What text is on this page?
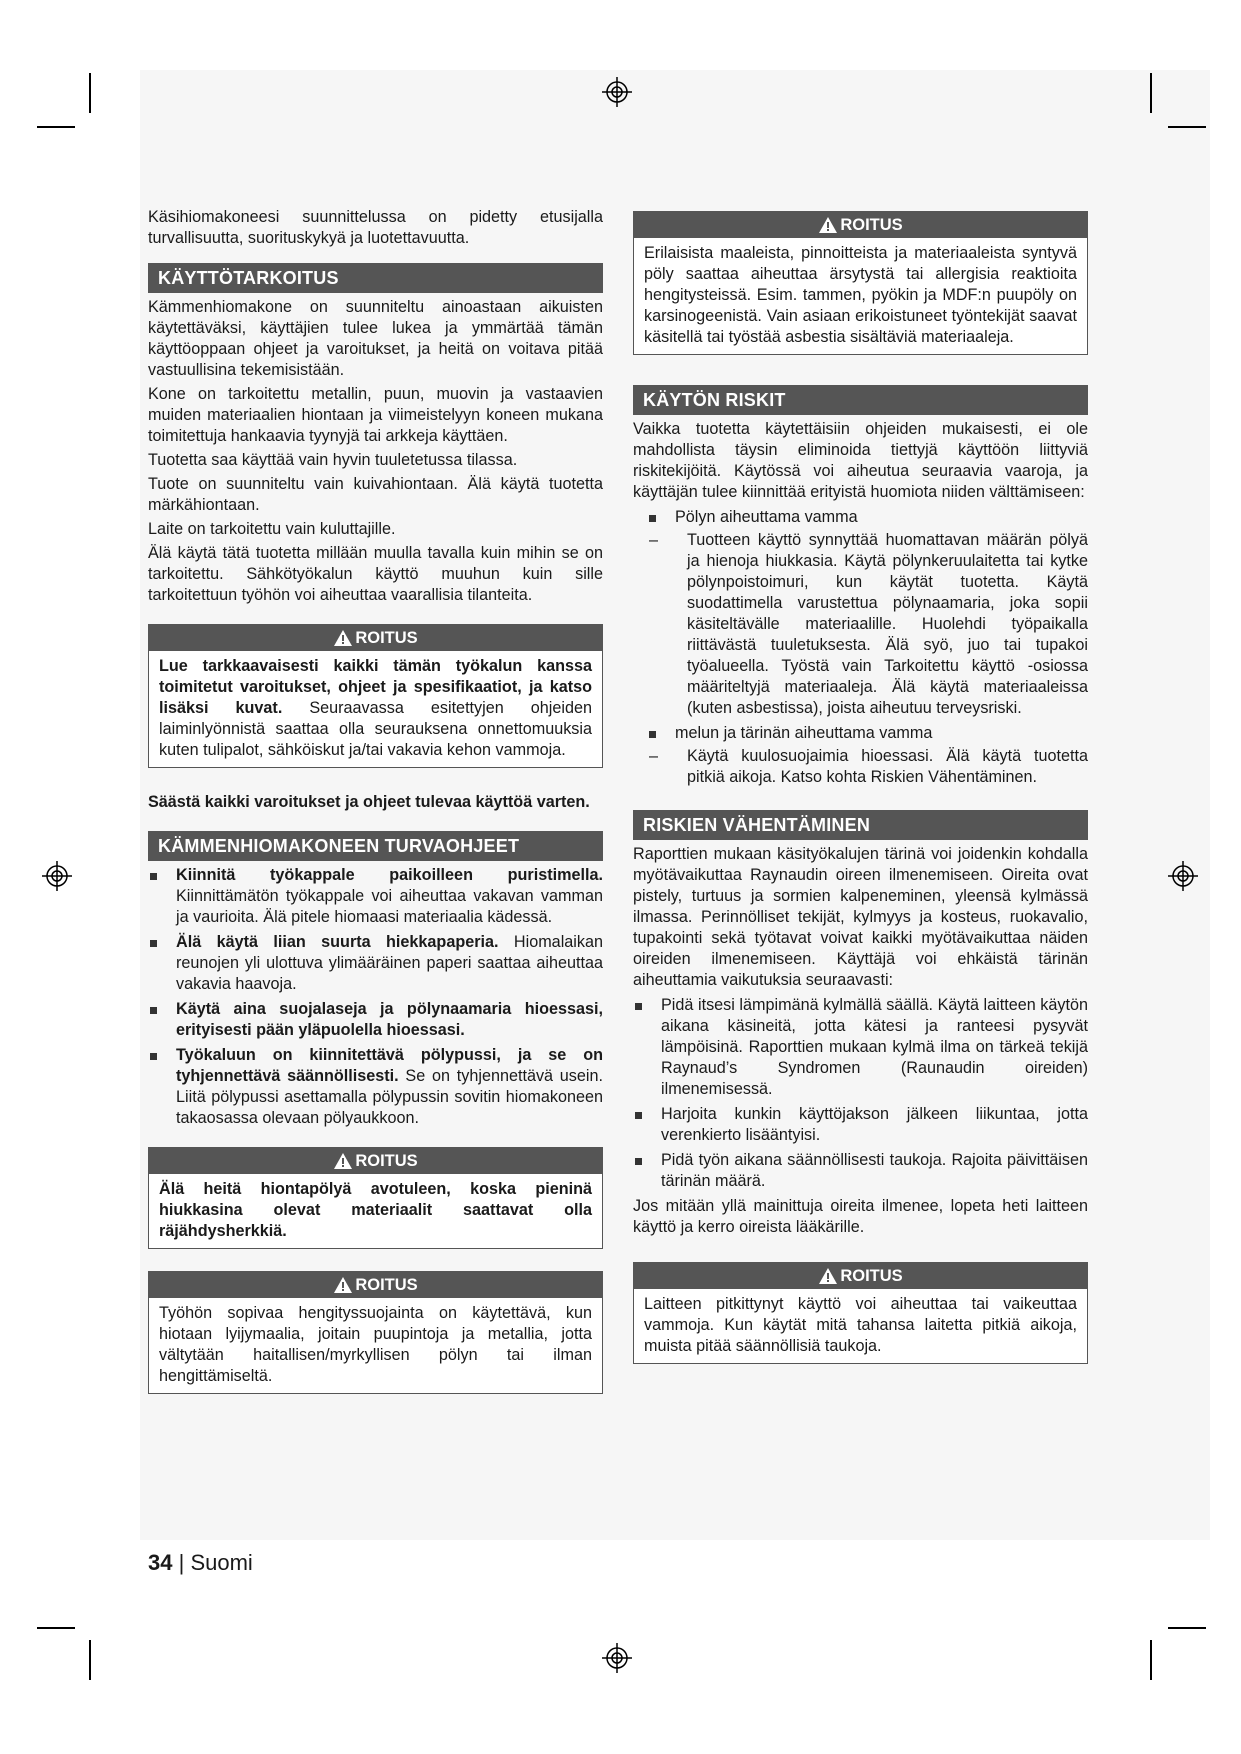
Käsihiomakoneesi suunnittelussa on pidetty etusijalla turvallisuutta, suorituskykyä ja luotettavuutta.

KÄYTTÖTARKOITUS

Kämmenhiomakone on suunniteltu ainoastaan aikuisten käytettäväksi, käyttäjien tulee lukea ja ymmärtää tämän käyttöoppaan ohjeet ja varoitukset, ja heitä on voitava pitää vastuullisina tekemisistään.

Kone on tarkoitettu metallin, puun, muovin ja vastaavien muiden materiaalien hiontaan ja viimeistelyyn koneen mukana toimitettuja hankaavia tyynyjä tai arkkeja käyttäen.

Tuotetta saa käyttää vain hyvin tuuletetussa tilassa.

Tuote on suunniteltu vain kuivahiontaan. Älä käytä tuotetta märkähiontaan.

Laite on tarkoitettu vain kuluttajille.

Älä käytä tätä tuotetta millään muulla tavalla kuin mihin se on tarkoitettu. Sähkötyökalun käyttö muuhun kuin sille tarkoitettuun työhön voi aiheuttaa vaarallisia tilanteita.

ROITUS

Lue tarkkaavaisesti kaikki tämän työkalun kanssa toimitetut varoitukset, ohjeet ja spesifikaatiot, ja katso lisäksi kuvat. Seuraavassa esitettyjen ohjeiden laiminlyönnistä saattaa olla seurauksena onnettomuuksia kuten tulipalot, sähköiskut ja/tai vakavia kehon vammoja.

Säästä kaikki varoitukset ja ohjeet tulevaa käyttöä varten.

KÄMMENHIOMAKONEEN TURVAOHJEET
Kiinnitä työkappale paikoilleen puristimella. Kiinnittämätön työkappale voi aiheuttaa vakavan vamman ja vaurioita. Älä pitele hiomaasi materiaalia kädessä.
Älä käytä liian suurta hiekkapaperia. Hiomalaikan reunojen yli ulottuva ylimääräinen paperi saattaa aiheuttaa vakavia haavoja.
Käytä aina suojalaseja ja pölynaamaria hioessasi, erityisesti pään yläpuolella hioessasi.
Työkaluun on kiinnitettävä pölypussi, ja se on tyhjennettävä säännöllisesti. Se on tyhjennettävä usein. Liitä pölypussi asettamalla pölypussin sovitin hiomakoneen takaosassa olevaan pölyaukkoon.
ROITUS

Älä heitä hiontapölyä avotuleen, koska pieninä hiukkasina olevat materiaalit saattavat olla räjähdysherkkiä.

ROITUS

Työhön sopivaa hengityssuojainta on käytettävä, kun hiotaan lyijymaalia, joitain puupintoja ja metallia, jotta vältytään haitallisen/myrkyllisen pölyn tai ilman hengittämiseltä.

ROITUS

Erilaisista maaleista, pinnoitteista ja materiaaleista syntyvä pöly saattaa aiheuttaa ärsytystä tai allergisia reaktioita hengitysteissä. Esim. tammen, pyökin ja MDF:n puupöly on karsinogeenistä. Vain asiaan erikoistuneet työntekijät saavat käsitellä tai työstää asbestia sisältäviä materiaaleja.

KÄYTÖN RISKIT

Vaikka tuotetta käytettäisiin ohjeiden mukaisesti, ei ole mahdollista täysin eliminoida tiettyjä käyttöön liittyviä riskitekijöitä. Käytössä voi aiheutua seuraavia vaaroja, ja käyttäjän tulee kiinnittää erityistä huomiota niiden välttämiseen:

Pölyn aiheuttama vamma
– Tuotteen käyttö synnyttää huomattavan määrän pölyä ja hienoja hiukkasia. Käytä pölynkeruulaitetta tai kytke pölynpoistoimuri, kun käytät tuotetta. Käytä suodattimella varustettua pölynaamaria, joka sopii käsiteltävälle materiaalille. Huolehdi työpaikalla riittävästä tuuletuksesta. Älä syö, juo tai tupakoi työalueella. Työstä vain Tarkoitettu käyttö -osiossa määriteltyjä materiaaleja. Älä käytä materiaaleissa (kuten asbestissa), joista aiheutuu terveysriski.
melun ja tärinän aiheuttama vamma
– Käytä kuulosuojaimia hioessasi. Älä käytä tuotetta pitkiä aikoja. Katso kohta Riskien Vähentäminen.
RISKIEN VÄHENTÄMINEN

Raporttien mukaan käsityökalujen tärinä voi joidenkin kohdalla myötävaikuttaa Raynaudin oireen ilmenemiseen. Oireita ovat pistely, turtuus ja sormien kalpeneminen, yleensä kylmässä ilmassa. Perinnölliset tekijät, kylmyys ja kosteus, ruokavalio, tupakointi sekä työtavat voivat kaikki myötävaikuttaa näiden oireiden ilmenemiseen. Käyttäjä voi ehkäistä tärinän aiheuttamia vaikutuksia seuraavasti:

Pidä itsesi lämpimänä kylmällä säällä. Käytä laitteen käytön aikana käsineitä, jotta kätesi ja ranteesi pysyvät lämpöisinä. Raporttien mukaan kylmä ilma on tärkeä tekijä Raynaud’s Syndromen (Raunaudin oireiden) ilmenemisessä.
Harjoita kunkin käyttöjakson jälkeen liikuntaa, jotta verenkierto lisääntyisi.
Pidä työn aikana säännöllisesti taukoja. Rajoita päivittäisen tärinän määrä.

Jos mitään yllä mainittuja oireita ilmenee, lopeta heti laitteen käyttö ja kerro oireista lääkärille.

ROITUS

Laitteen pitkittynyt käyttö voi aiheuttaa tai vaikeuttaa vammoja. Kun käytät mitä tahansa laitetta pitkiä aikoja, muista pitää säännöllisiä taukoja.

34 | Suomi
